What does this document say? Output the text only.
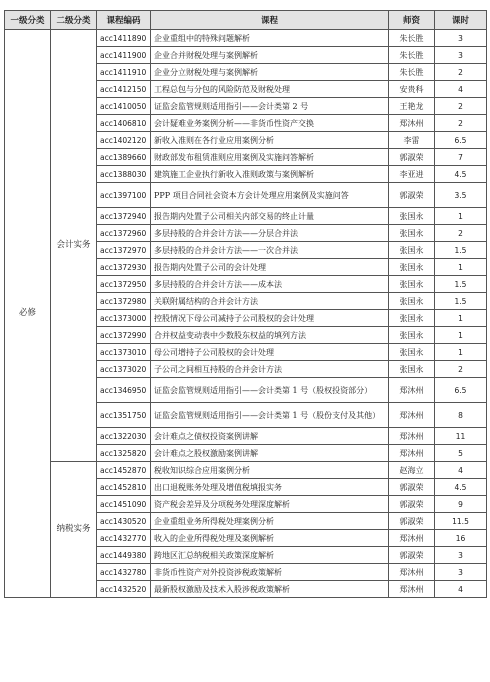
一级分类	二级分类	课程编码	课程	师资	课时
必修	会计实务	acc1411890	企业重组中的特殊问题解析	朱长胜	3
		acc1411900	企业合并财税处理与案例解析	朱长胜	3
		acc1411910	企业分立财税处理与案例解析	朱长胜	2
		acc1412150	工程总包与分包的风险防范及财税处理	安贵科	4
		acc1410050	证监会监管规则适用指引——会计类第 2 号	王艳龙	2
		acc1406810	会计疑难业务案例分析——非货币性资产交换	郑沐州	2
		acc1402120	新收入准则在各行业应用案例分析	李雷	6.5
		acc1389660	财政部发布租赁准则应用案例及实施问答解析	郭淑荣	7
		acc1388030	建筑施工企业执行新收入准则政策与案例解析	李亚进	4.5
		acc1397100	PPP 项目合同社会资本方会计处理应用案例及实施问答	郭淑荣	3.5
		acc1372940	报告期内处置子公司相关内部交易的终止计量	张国永	1
		acc1372960	多层持股的合并会计方法——分层合并法	张国永	2
		acc1372970	多层持股的合并会计方法——一次合并法	张国永	1.5
		acc1372930	报告期内处置子公司的会计处理	张国永	1
		acc1372950	多层持股的合并会计方法——成本法	张国永	1.5
		acc1372980	关联附属结构的合并会计方法	张国永	1.5
		acc1373000	控股情况下母公司减持子公司股权的会计处理	张国永	1
		acc1372990	合并权益变动表中少数股东权益的填列方法	张国永	1
		acc1373010	母公司增持子公司股权的会计处理	张国永	1
		acc1373020	子公司之间相互持股的合并会计方法	张国永	2
		acc1346950	证监会监管规则适用指引——会计类第 1 号（股权投资部分）	郑沐州	6.5
		acc1351750	证监会监管规则适用指引——会计类第 1 号（股份支付及其他）	郑沐州	8
		acc1322030	会计难点之债权投资案例讲解	郑沐州	11
		acc1325820	会计难点之股权激励案例讲解	郑沐州	5
	纳税实务	acc1452870	税收知识综合应用案例分析	赵海立	4
		acc1452810	出口退税账务处理及增值税填报实务	郭淑荣	4.5
		acc1451090	资产税会差异及分项税务处理深度解析	郭淑荣	9
		acc1430520	企业重组业务所得税处理案例分析	郭淑荣	11.5
		acc1432770	收入的企业所得税处理及案例解析	郑沐州	16
		acc1449380	跨地区汇总纳税相关政策深度解析	郭淑荣	3
		acc1432780	非货币性资产对外投资涉税政策解析	郑沐州	3
		acc1432520	最新股权激励及技术入股涉税政策解析	郑沐州	4
